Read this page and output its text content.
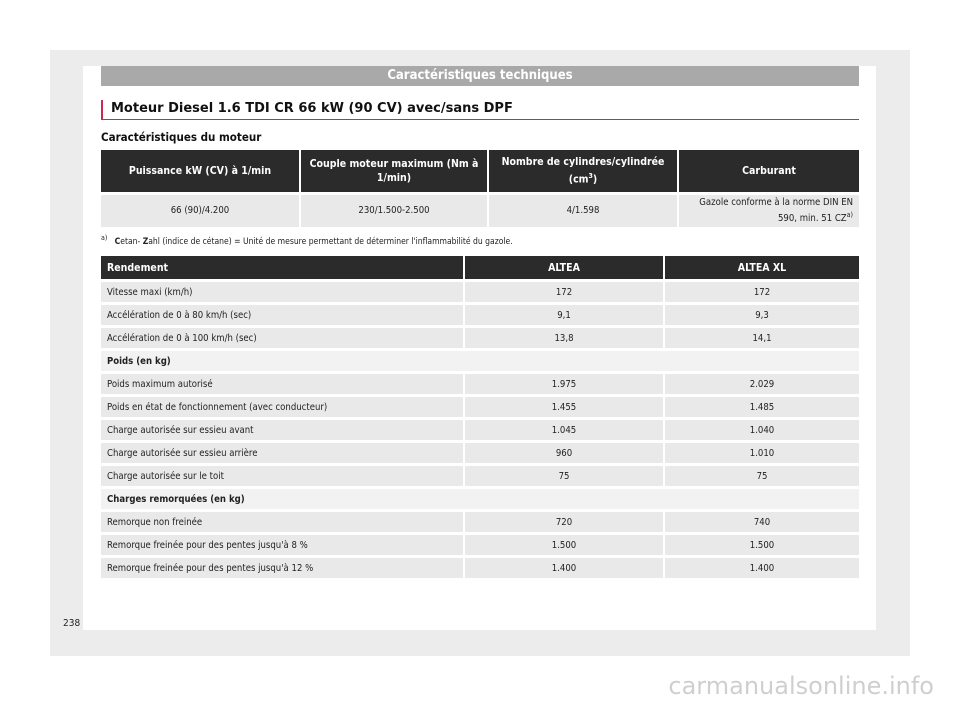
Caractéristiques techniques
Moteur Diesel 1.6 TDI CR 66 kW (90 CV) avec/sans DPF
Caractéristiques du moteur
Puissance kW (CV) à 1/min	Couple moteur maximum (Nm à 1/min)	Nombre de cylindres/cylindrée $(cm^3)$	Carburant
66 (90)/4.200	230/1.500-2.500	4/1.598	Gazole conforme à la norme DIN EN 590, min. 51 CZ$^{a)}$
$^{a)}$ Cetan- Zahl (indice de cétane) = Unité de mesure permettant de déterminer l'inflammabilité du gazole.
Rendement	ALTEA	ALTEA XL
Vitesse maxi (km/h)	172	172
Accélération de 0 à 80 km/h (sec)	9,1	9,3
Accélération de 0 à 100 km/h (sec)	13,8	14,1
Poids (en kg)		
Poids maximum autorisé	1.975	2.029
Poids en état de fonctionnement (avec conducteur)	1.455	1.485
Charge autorisée sur essieu avant	1.045	1.040
Charge autorisée sur essieu arrière	960	1.010
Charge autorisée sur le toit	75	75
Charges remorquées (en kg)		
Remorque non freinée	720	740
Remorque freinée pour des pentes jusqu'à 8 %	1.500	1.500
Remorque freinée pour des pentes jusqu'à 12 %	1.400	1.400
238
carmanualsonline.info
